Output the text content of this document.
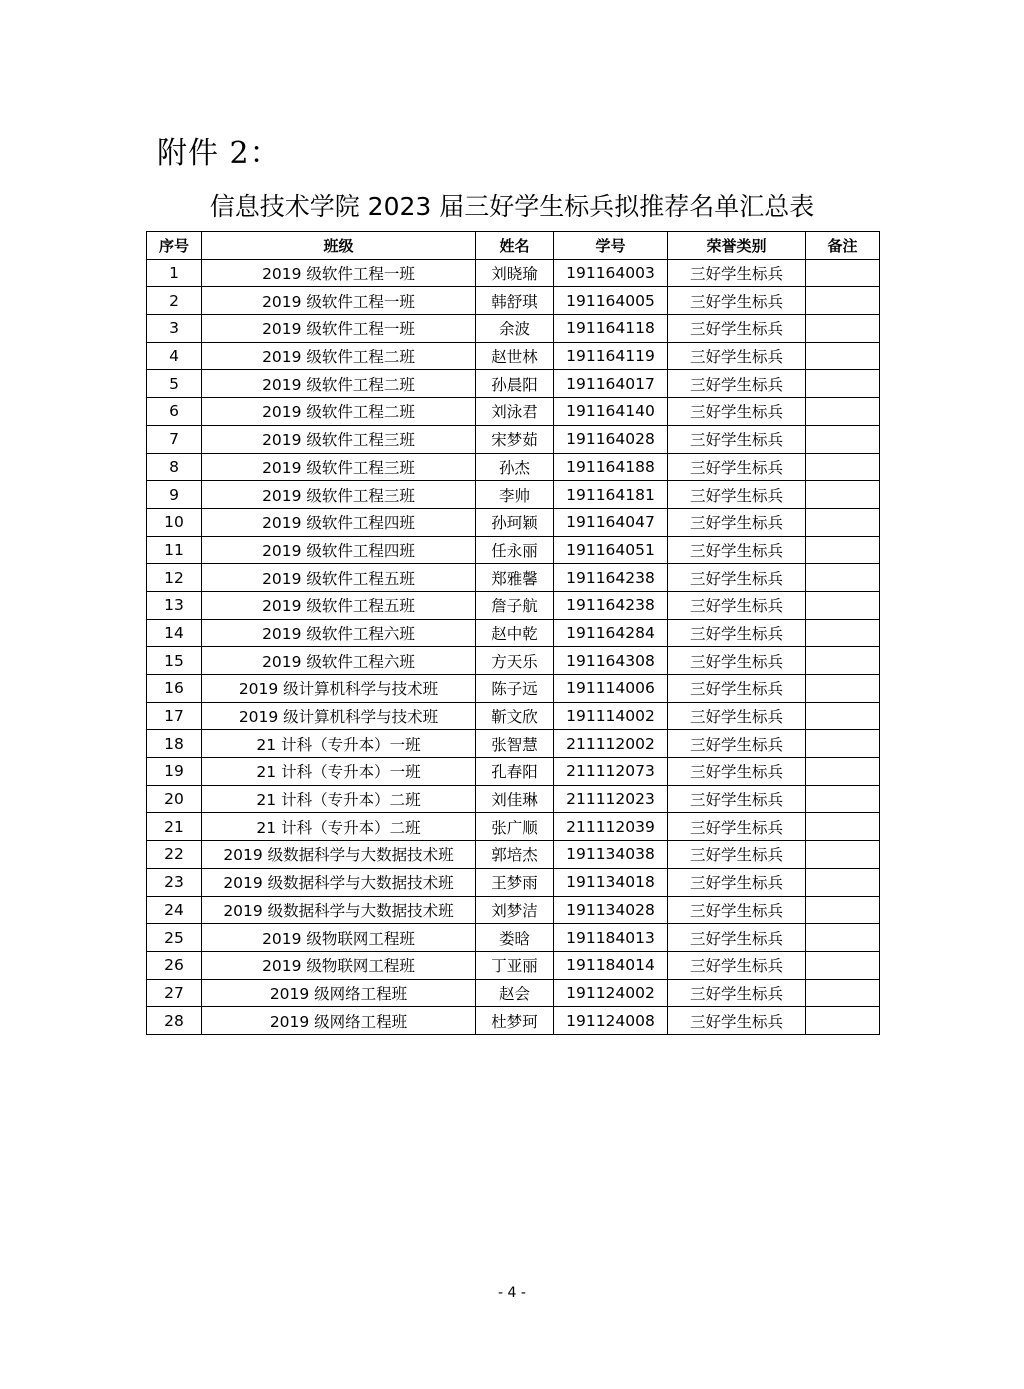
附件 2：
信息技术学院 2023 届三好学生标兵拟推荐名单汇总表
序号	班级	姓名	学号	荣誉类别	备注
1	2019 级软件工程一班	刘晓瑜	191164003	三好学生标兵	
2	2019 级软件工程一班	韩舒琪	191164005	三好学生标兵	
3	2019 级软件工程一班	余波	191164118	三好学生标兵	
4	2019 级软件工程二班	赵世林	191164119	三好学生标兵	
5	2019 级软件工程二班	孙晨阳	191164017	三好学生标兵	
6	2019 级软件工程二班	刘泳君	191164140	三好学生标兵	
7	2019 级软件工程三班	宋梦茹	191164028	三好学生标兵	
8	2019 级软件工程三班	孙杰	191164188	三好学生标兵	
9	2019 级软件工程三班	李帅	191164181	三好学生标兵	
10	2019 级软件工程四班	孙珂颖	191164047	三好学生标兵	
11	2019 级软件工程四班	任永丽	191164051	三好学生标兵	
12	2019 级软件工程五班	郑雅馨	191164238	三好学生标兵	
13	2019 级软件工程五班	詹子航	191164238	三好学生标兵	
14	2019 级软件工程六班	赵中乾	191164284	三好学生标兵	
15	2019 级软件工程六班	方天乐	191164308	三好学生标兵	
16	2019 级计算机科学与技术班	陈子远	191114006	三好学生标兵	
17	2019 级计算机科学与技术班	靳文欣	191114002	三好学生标兵	
18	21 计科（专升本）一班	张智慧	211112002	三好学生标兵	
19	21 计科（专升本）一班	孔春阳	211112073	三好学生标兵	
20	21 计科（专升本）二班	刘佳琳	211112023	三好学生标兵	
21	21 计科（专升本）二班	张广顺	211112039	三好学生标兵	
22	2019 级数据科学与大数据技术班	郭培杰	191134038	三好学生标兵	
23	2019 级数据科学与大数据技术班	王梦雨	191134018	三好学生标兵	
24	2019 级数据科学与大数据技术班	刘梦洁	191134028	三好学生标兵	
25	2019 级物联网工程班	娄晗	191184013	三好学生标兵	
26	2019 级物联网工程班	丁亚丽	191184014	三好学生标兵	
27	2019 级网络工程班	赵会	191124002	三好学生标兵	
28	2019 级网络工程班	杜梦珂	191124008	三好学生标兵	
- 4 -
